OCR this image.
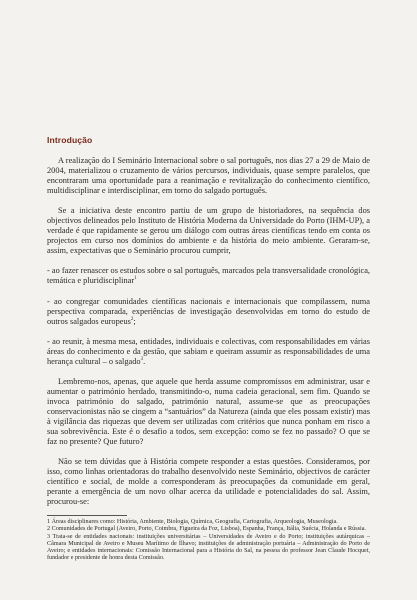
Introdução

A realização do I Seminário Internacional sobre o sal português, nos dias 27 a 29 de Maio de 2004, materializou o cruzamento de vários percursos, individuais, quase sempre paralelos, que encontraram uma oportunidade para a reanimação e revitalização do conhecimento científico, multidisciplinar e interdisciplinar, em torno do salgado português.

Se a iniciativa deste encontro partiu de um grupo de historiadores, na sequência dos objectivos delineados pelo Instituto de História Moderna da Universidade do Porto (IHM-UP), a verdade é que rapidamente se gerou um diálogo com outras áreas científicas tendo em conta os projectos em curso nos domínios do ambiente e da história do meio ambiente. Geraram-se, assim, expectativas que o Seminário procurou cumprir,

- ao fazer renascer os estudos sobre o sal português, marcados pela transversalidade cronológica, temática e pluridisciplinar$^1$

- ao congregar comunidades científicas nacionais e internacionais que compilassem, numa perspectiva comparada, experiências de investigação desenvolvidas em torno do estudo de outros salgados europeus$^2$;

- ao reunir, à mesma mesa, entidades, individuais e colectivas, com responsabilidades em várias áreas do conhecimento e da gestão, que sabiam e queiram assumir as responsabilidades de uma herança cultural – o salgado$^3$.

Lembremo-nos, apenas, que aquele que herda assume compromissos em administrar, usar e aumentar o património herdado, transmitindo-o, numa cadeia geracional, sem fim. Quando se invoca património do salgado, património natural, assume-se que as preocupações conservacionistas não se cingem a “santuários” da Natureza (ainda que eles possam existir) mas à vigilância das riquezas que devem ser utilizadas com critérios que nunca ponham em risco a sua sobrevivência. Este é o desafio a todos, sem excepção: como se fez no passado? O que se faz no presente? Que futuro?

Não se tem dúvidas que à História compete responder a estas questões. Consideramos, por isso, como linhas orientadoras do trabalho desenvolvido neste Seminário, objectivos de carácter científico e social, de molde a corresponderam às preocupações da comunidade em geral, perante a emergência de um novo olhar acerca da utilidade e potencialidades do sal. Assim, procurou-se:

1 Áreas disciplinares como: História, Ambiente, Biologia, Química, Geografia, Cartografia, Arqueologia, Museologia.
2 Comunidades de Portugal (Aveiro, Porto, Coimbra, Figueira da Foz, Lisboa), Espanha, França, Itália, Suécia, Holanda e Rússia.
3 Trata-se de entidades nacionais: instituições universitárias – Universidades de Aveiro e do Porto; instituições autárquicas – Câmara Municipal de Aveiro e Museu Marítimo de Ílhavo; instituições de administração portuária – Administração do Porto de Aveiro; e entidades internacionais: Comissão Internacional para a História do Sal, na pessoa do professor Jean Claude Hocquet, fundador e presidente de honra desta Comissão.
